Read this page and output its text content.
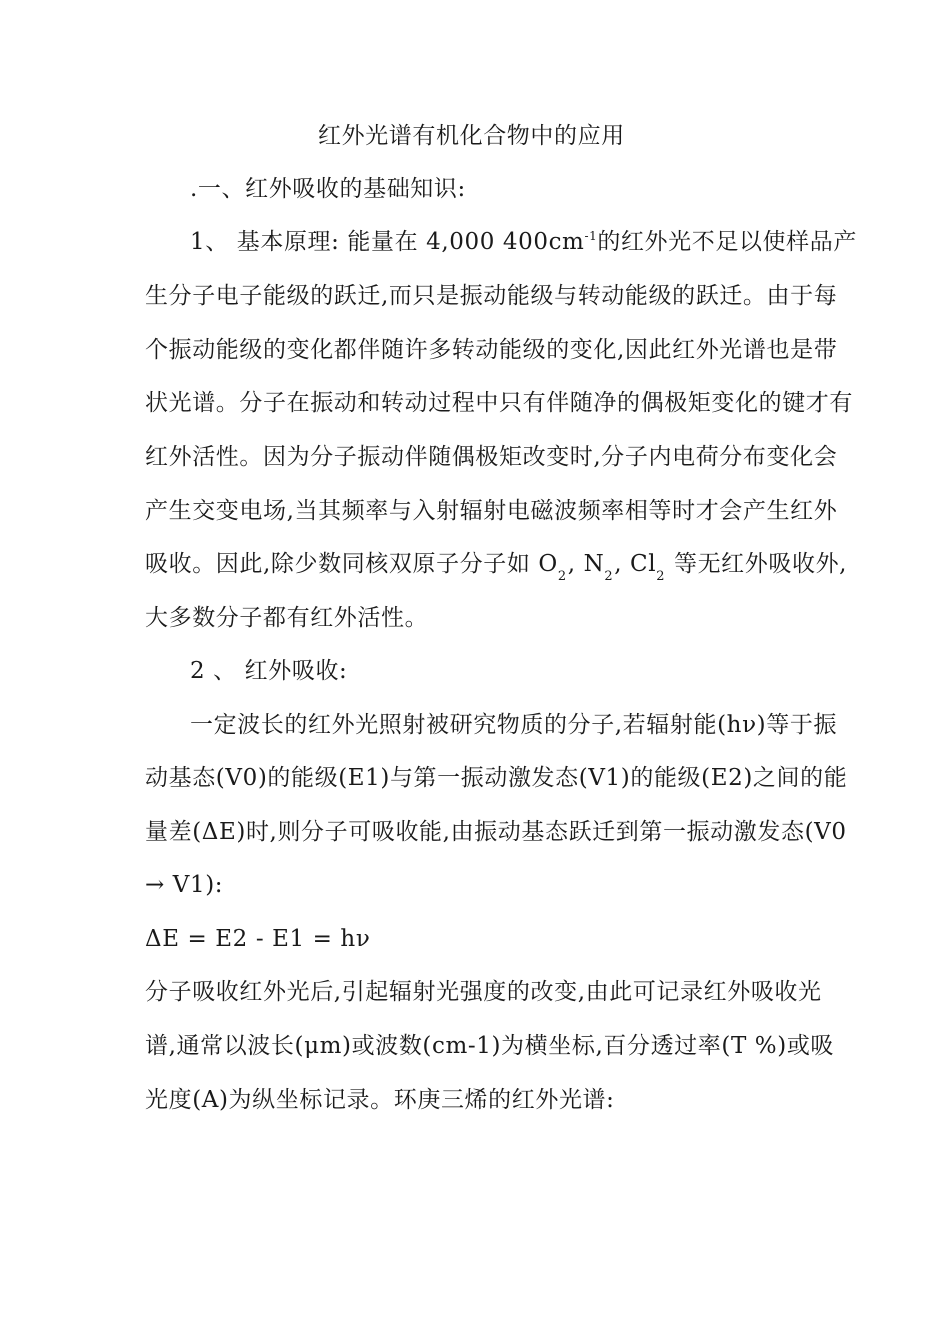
红外光谱有机化合物中的应用
.一、红外吸收的基础知识:
1、 基本原理: 能量在 4,000 $400cm^{-1}$的红外光不足以使样品产
生分子电子能级的跃迁,而只是振动能级与转动能级的跃迁。由于每
个振动能级的变化都伴随许多转动能级的变化,因此红外光谱也是带
状光谱。分子在振动和转动过程中只有伴随净的偶极矩变化的键才有
红外活性。因为分子振动伴随偶极矩改变时,分子内电荷分布变化会
产生交变电场,当其频率与入射辐射电磁波频率相等时才会产生红外
吸收。因此,除少数同核双原子分子如 $O_2$, $N_2$, $Cl_2$ 等无红外吸收外,
大多数分子都有红外活性。
2 、 红外吸收:
一定波长的红外光照射被研究物质的分子,若辐射能(hν)等于振
动基态(V0)的能级(E1)与第一振动激发态(V1)的能级(E2)之间的能
量差(ΔE)时,则分子可吸收能,由振动基态跃迁到第一振动激发态(V0
→ V1):
ΔE = E2 - E1 = hν
分子吸收红外光后,引起辐射光强度的改变,由此可记录红外吸收光
谱,通常以波长(μm)或波数(cm-1)为横坐标,百分透过率(T %)或吸
光度(A)为纵坐标记录。环庚三烯的红外光谱:
